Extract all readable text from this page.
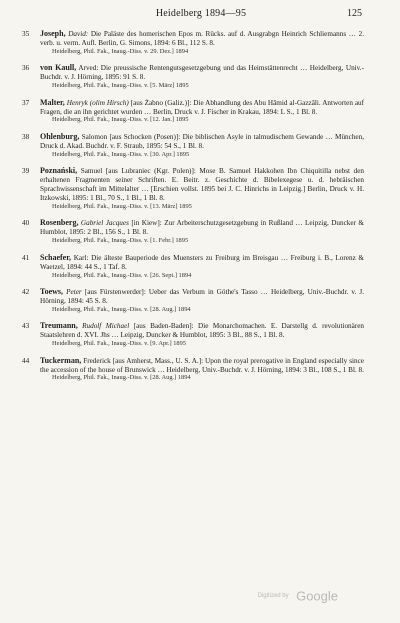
Heidelberg 1894—95	125
35 Joseph, David: Die Paläste des homerischen Epos m. Rücks. auf d. Ausgrabgn Heinrich Schliemanns … 2. verb. u. verm. Aufl. Berlin, G. Simons, 1894: 6 Bl., 112 S. 8.
Heidelberg, Phil. Fak., Inaug.-Diss. v. 29. Dez.] 1894
36 von Kaull, Arved: Die preussische Rentengutsgesetzgebung und das Heimstättenrecht … Heidelberg, Univ.-Buchdr. v. J. Hörning, 1895: 91 S. 8.
Heidelberg, Phil. Fak., Inaug.-Diss. v. [5. März] 1895
37 Malter, Henryk (olim Hirsch) [aus Żabno (Galiz.)]: Die Abhandlung des Abu Hâmid al-Gazzâli. Antworten auf Fragen, die an ihn gerichtet wurden … Berlin, Druck v. J. Fischer in Krakau, 1894: L S., 1 Bl. 8.
Heidelberg, Phil. Fak., Inaug.-Diss. v. [12. Jan.] 1895
38 Ohlenburg, Salomon [aus Schocken (Posen)]: Die biblischen Asyle in talmudischem Gewande … München, Druck d. Akad. Buchdr. v. F. Straub, 1895: 54 S., 1 Bl. 8.
Heidelberg, Phil. Fak., Inaug.-Diss. v. [30. Apr.] 1895
39 Poznański, Samuel [aus Lubraniec (Kgr. Polen)]: Mose B. Samuel Hakkohen Ibn Chiquitilla nebst den erhaltenen Fragmenten seiner Schriften. E. Beitr. z. Geschichte d. Bibelexegese u. d. hebräischen Sprachwissenschaft im Mittelalter … [Erschien vollst. 1895 bei J. C. Hinrichs in Leipzig.] Berlin, Druck v. H. Itzkowski, 1895: 1 Bl., 70 S., 1 Bl., 1 Bl. 8.
Heidelberg, Phil. Fak., Inaug.-Diss. v. [13. März] 1895
40 Rosenberg, Gabriel Jacques [in Kiew]: Zur Arbeiterschutzgesetzgebung in Rußland … Leipzig, Duncker & Humblot, 1895: 2 Bl., 156 S., 1 Bl. 8.
Heidelberg, Phil. Fak., Inaug.-Diss. v. [1. Febr.] 1895
41 Schaefer, Karl: Die älteste Bauperiode des Muensters zu Freiburg im Breisgau … Freiburg i. B., Lorenz & Waetzel, 1894: 44 S., 1 Taf. 8.
Heidelberg, Phil. Fak., Inaug.-Diss. v. [26. Sept.] 1894
42 Toews, Peter [aus Fürstenwerder]: Ueber das Verbum in Göthe's Tasso … Heidelberg, Univ.-Buchdr. v. J. Hörning, 1894: 45 S. 8.
Heidelberg, Phil. Fak., Inaug.-Diss. v. [28. Aug.] 1894
43 Treumann, Rudolf Michael [aus Baden-Baden]: Die Monarchomachen. E. Darstellg d. revolutionären Staatslehren d. XVI. Jhs … Leipzig, Duncker & Humblot, 1895: 3 Bl., 88 S., 1 Bl. 8.
Heidelberg, Phil. Fak., Inaug.-Diss. v. [9. Apr.] 1895
44 Tuckerman, Frederick [aus Amherst, Mass., U. S. A.]: Upon the royal prerogative in England especially since the accession of the house of Brunswick … Heidelberg, Univ.-Buchdr. v. J. Hörning, 1894: 3 Bl., 108 S., 1 Bl. 8.
Heidelberg, Phil. Fak., Inaug.-Diss. v. [28. Aug.] 1894
Digitized by Google
